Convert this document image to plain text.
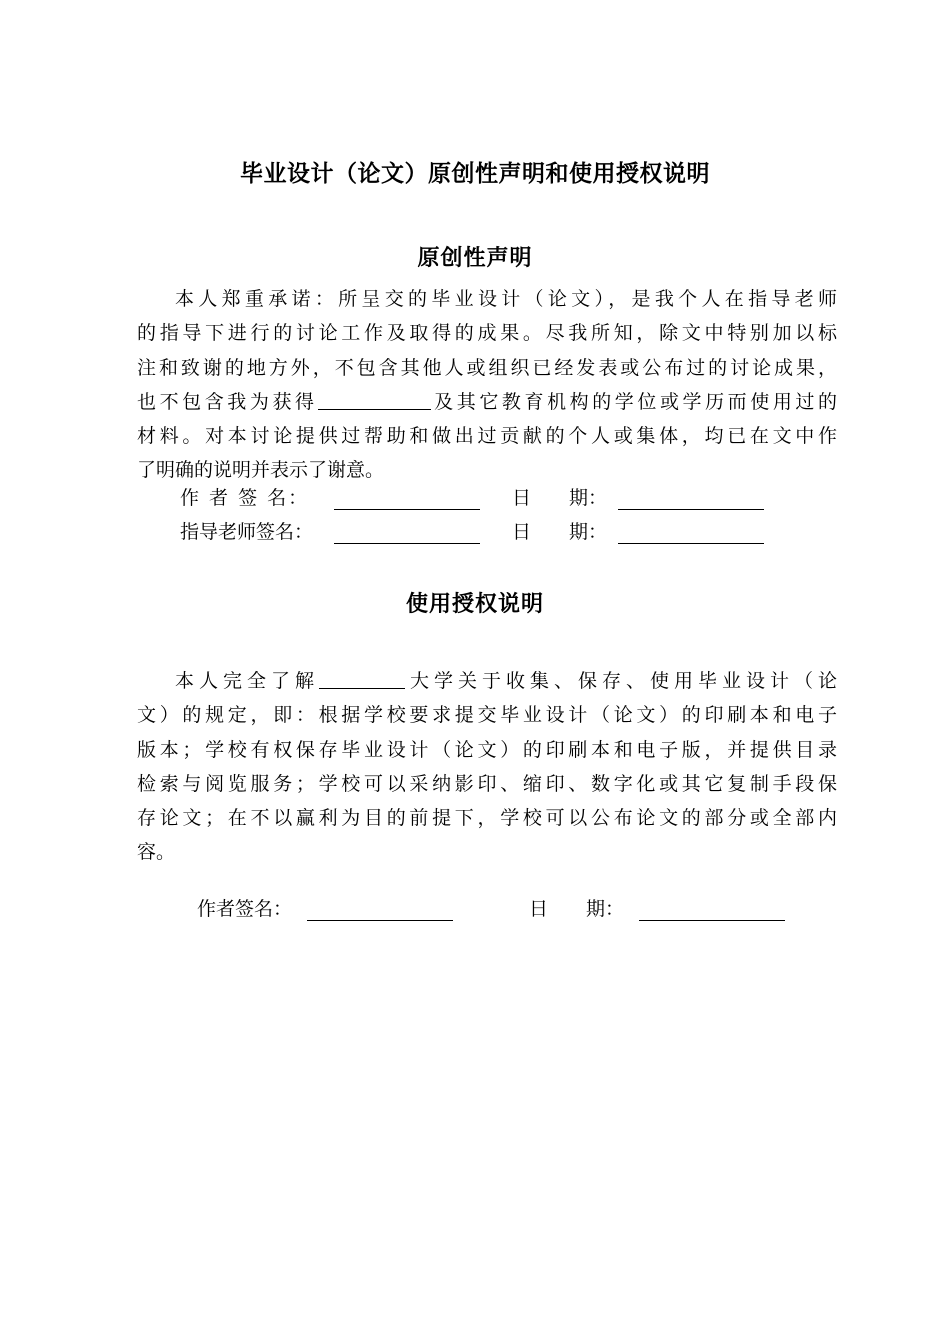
毕业设计（论文）原创性声明和使用授权说明
原创性声明
本人郑重承诺：所呈交的毕业设计（论文），是我个人在指导老师
的指导下进行的讨论工作及取得的成果。尽我所知，除文中特别加以标
注和致谢的地方外，不包含其他人或组织已经发表或公布过的讨论成果，
也不包含我为获得	及其它教育机构的学位或学历而使用过的
材料。对本讨论提供过帮助和做出过贡献的个人或集体，均已在文中作
了明确的说明并表示了谢意。
作 者 签 名：	日　　期：
指导老师签名：	日　　期：
使用授权说明
本人完全了解	大学关于收集、保存、使用毕业设计（论
文）的规定，即：根据学校要求提交毕业设计（论文）的印刷本和电子
版本；学校有权保存毕业设计（论文）的印刷本和电子版，并提供目录
检索与阅览服务；学校可以采纳影印、缩印、数字化或其它复制手段保
存论文；在不以赢利为目的前提下，学校可以公布论文的部分或全部内
容。
作者签名：	日　　期：
